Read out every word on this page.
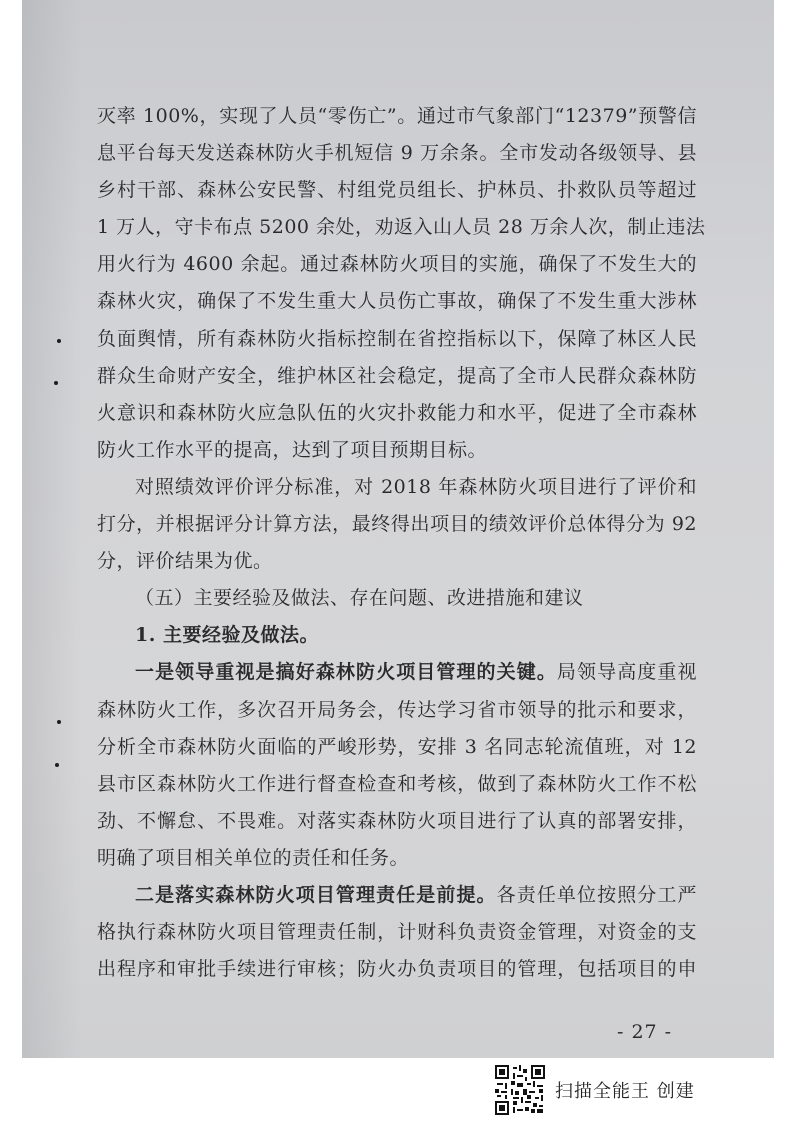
灭率 100%，实现了人员“零伤亡”。通过市气象部门“12379”预警信
息平台每天发送森林防火手机短信 9 万余条。全市发动各级领导、县
乡村干部、森林公安民警、村组党员组长、护林员、扑救队员等超过
1 万人，守卡布点 5200 余处，劝返入山人员 28 万余人次，制止违法
用火行为 4600 余起。通过森林防火项目的实施，确保了不发生大的
森林火灾，确保了不发生重大人员伤亡事故，确保了不发生重大涉林
负面舆情，所有森林防火指标控制在省控指标以下，保障了林区人民
群众生命财产安全，维护林区社会稳定，提高了全市人民群众森林防
火意识和森林防火应急队伍的火灾扑救能力和水平，促进了全市森林
防火工作水平的提高，达到了项目预期目标。
对照绩效评价评分标准，对 2018 年森林防火项目进行了评价和
打分，并根据评分计算方法，最终得出项目的绩效评价总体得分为 92
分，评价结果为优。
（五）主要经验及做法、存在问题、改进措施和建议
1. 主要经验及做法。
一是领导重视是搞好森林防火项目管理的关键。局领导高度重视
森林防火工作，多次召开局务会，传达学习省市领导的批示和要求，
分析全市森林防火面临的严峻形势，安排 3 名同志轮流值班，对 12
县市区森林防火工作进行督查检查和考核，做到了森林防火工作不松
劲、不懈怠、不畏难。对落实森林防火项目进行了认真的部署安排，
明确了项目相关单位的责任和任务。
二是落实森林防火项目管理责任是前提。各责任单位按照分工严
格执行森林防火项目管理责任制，计财科负责资金管理，对资金的支
出程序和审批手续进行审核；防火办负责项目的管理，包括项目的申
- 27 -
扫描全能王 创建
